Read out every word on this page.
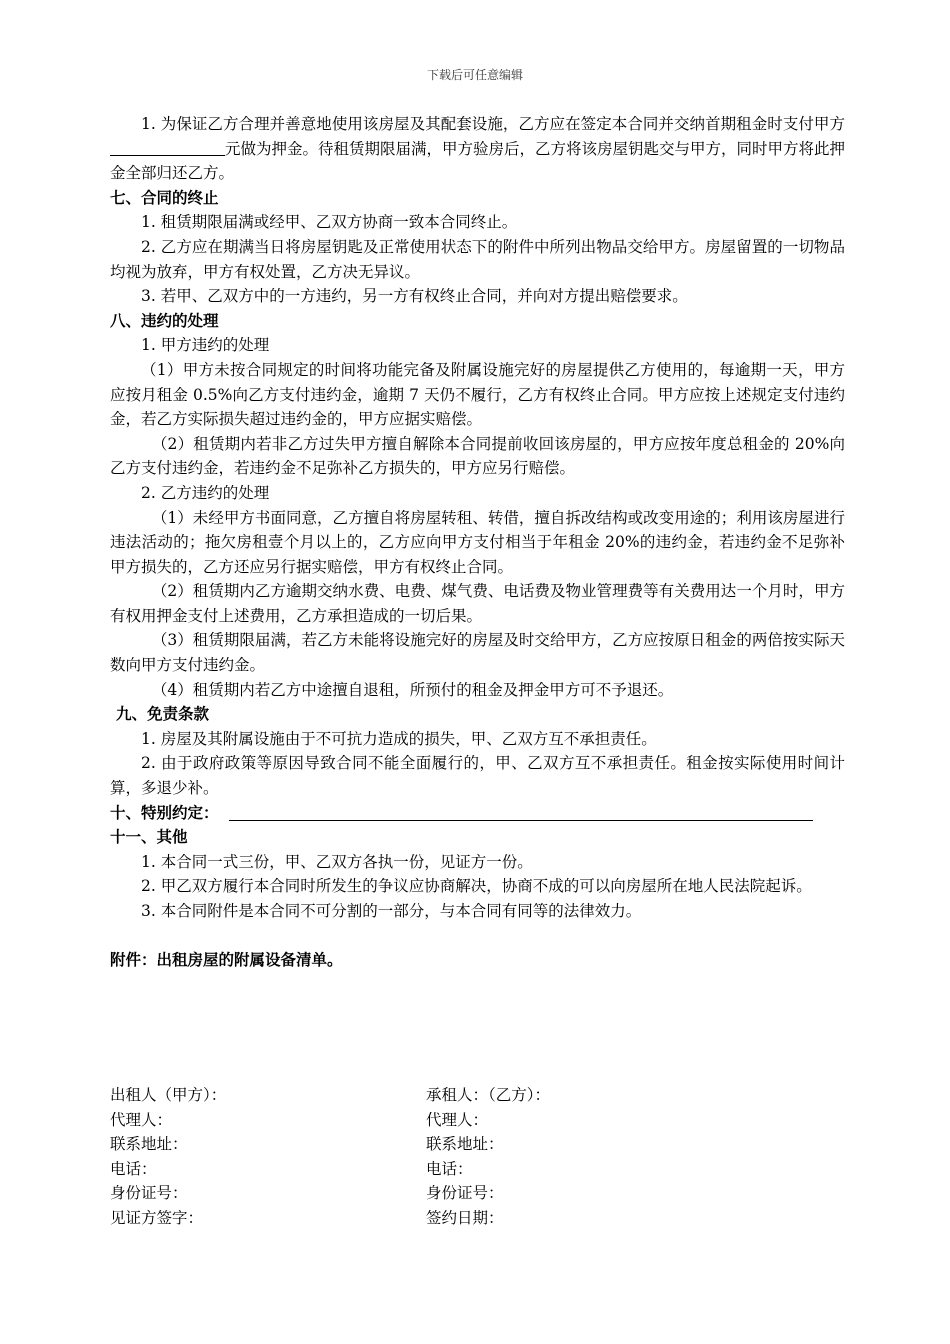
下载后可任意编辑

1. 为保证乙方合理并善意地使用该房屋及其配套设施，乙方应在签定本合同并交纳首期租金时支付甲方元做为押金。待租赁期限届满，甲方验房后，乙方将该房屋钥匙交与甲方，同时甲方将此押金全部归还乙方。

七、合同的终止

1. 租赁期限届满或经甲、乙双方协商一致本合同终止。

2. 乙方应在期满当日将房屋钥匙及正常使用状态下的附件中所列出物品交给甲方。房屋留置的一切物品均视为放弃，甲方有权处置，乙方决无异议。

3. 若甲、乙双方中的一方违约，另一方有权终止合同，并向对方提出赔偿要求。

八、违约的处理

1. 甲方违约的处理

（1）甲方未按合同规定的时间将功能完备及附属设施完好的房屋提供乙方使用的，每逾期一天，甲方应按月租金 0.5%向乙方支付违约金，逾期 7 天仍不履行，乙方有权终止合同。甲方应按上述规定支付违约金，若乙方实际损失超过违约金的，甲方应据实赔偿。

（2）租赁期内若非乙方过失甲方擅自解除本合同提前收回该房屋的，甲方应按年度总租金的 20%向乙方支付违约金，若违约金不足弥补乙方损失的，甲方应另行赔偿。

2. 乙方违约的处理

（1）未经甲方书面同意，乙方擅自将房屋转租、转借，擅自拆改结构或改变用途的；利用该房屋进行违法活动的；拖欠房租壹个月以上的，乙方应向甲方支付相当于年租金 20%的违约金，若违约金不足弥补甲方损失的，乙方还应另行据实赔偿，甲方有权终止合同。

（2）租赁期内乙方逾期交纳水费、电费、煤气费、电话费及物业管理费等有关费用达一个月时，甲方有权用押金支付上述费用，乙方承担造成的一切后果。

（3）租赁期限届满，若乙方未能将设施完好的房屋及时交给甲方，乙方应按原日租金的两倍按实际天数向甲方支付违约金。

（4）租赁期内若乙方中途擅自退租，所预付的租金及押金甲方可不予退还。

九、免责条款

1. 房屋及其附属设施由于不可抗力造成的损失，甲、乙双方互不承担责任。

2. 由于政府政策等原因导致合同不能全面履行的，甲、乙双方互不承担责任。租金按实际使用时间计算，多退少补。

十、特别约定：

十一、其他

1. 本合同一式三份，甲、乙双方各执一份，见证方一份。

2. 甲乙双方履行本合同时所发生的争议应协商解决，协商不成的可以向房屋所在地人民法院起诉。

3. 本合同附件是本合同不可分割的一部分，与本合同有同等的法律效力。

附件：出租房屋的附属设备清单。

出租人（甲方）：	承租人：（乙方）：
代理人：	代理人：
联系地址：	联系地址：
电话：	电话：
身份证号：	身份证号：
见证方签字：	签约日期：
